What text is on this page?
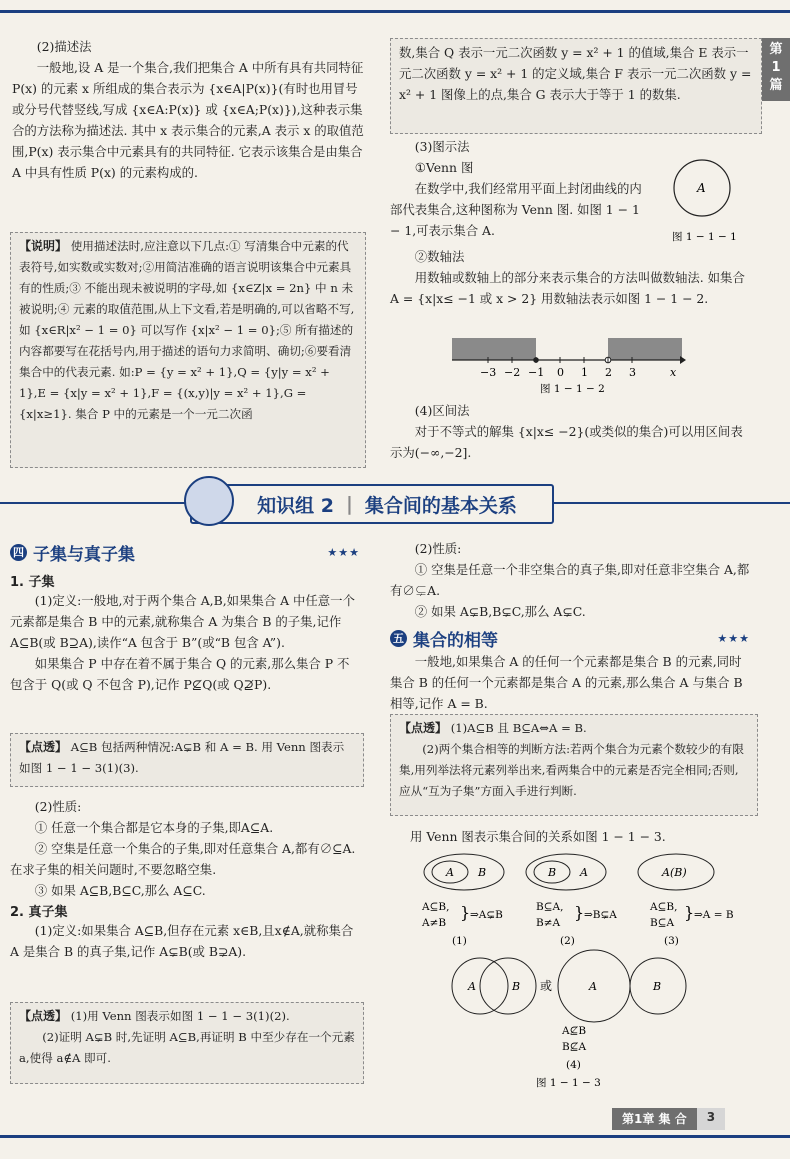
第
1
篇

(2)描述法

一般地,设 A 是一个集合,我们把集合 A 中所有具有共同特征 P(x) 的元素 x 所组成的集合表示为 {x∈A|P(x)}(有时也用冒号或分号代替竖线,写成 {x∈A:P(x)} 或 {x∈A;P(x)}),这种表示集合的方法称为描述法. 其中 x 表示集合的元素,A 表示 x 的取值范围,P(x) 表示集合中元素具有的共同特征. 它表示该集合是由集合 A 中具有性质 P(x) 的元素构成的.

【说明】 使用描述法时,应注意以下几点:① 写清集合中元素的代表符号,如实数或实数对;②用简洁准确的语言说明该集合中元素具有的性质;③ 不能出现未被说明的字母,如 {x∈Z|x = 2n} 中 n 未被说明;④ 元素的取值范围,从上下文看,若是明确的,可以省略不写,如 {x∈R|x² − 1 = 0} 可以写作 {x|x² − 1 = 0};⑤ 所有描述的内容都要写在花括号内,用于描述的语句力求简明、确切;⑥要看清集合中的代表元素. 如:P = {y = x² + 1},Q = {y|y = x² + 1},E = {x|y = x² + 1},F = {(x,y)|y = x² + 1},G = {x|x≥1}. 集合 P 中的元素是一个一元二次函

数,集合 Q 表示一元二次函数 y = x² + 1 的值域,集合 E 表示一元二次函数 y = x² + 1 的定义域,集合 F 表示一元二次函数 y = x² + 1 图像上的点,集合 G 表示大于等于 1 的数集.

(3)图示法

①Venn 图

在数学中,我们经常用平面上封闭曲线的内部代表集合,这种图称为 Venn 图. 如图 1 − 1 − 1,可表示集合 A.

A
图 1 − 1 − 1

②数轴法

用数轴或数轴上的部分来表示集合的方法叫做数轴法. 如集合 A = {x|x≤ −1 或 x > 2} 用数轴法表示如图 1 − 1 − 2.

−3 −2 −1 0 1 2 3	x
图 1 − 1 − 2

(4)区间法

对于不等式的解集 {x|x≤ −2}(或类似的集合)可以用区间表示为(−∞,−2].

知识组 2 | 集合间的基本关系
四 子集与真子集	★★★
1. 子集

(1)定义:一般地,对于两个集合 A,B,如果集合 A 中任意一个元素都是集合 B 中的元素,就称集合 A 为集合 B 的子集,记作 A⊆B(或 B⊇A),读作“A 包含于 B”(或“B 包含 A”).

如果集合 P 中存在着不属于集合 Q 的元素,那么集合 P 不包含于 Q(或 Q 不包含 P),记作 P⊈Q(或 Q⊉P).

【点透】 A⊆B 包括两种情况:A⊊B 和 A = B. 用 Venn 图表示如图 1 − 1 − 3(1)(3).

(2)性质:

① 任意一个集合都是它本身的子集,即A⊆A.

② 空集是任意一个集合的子集,即对任意集合 A,都有∅⊆A. 在求子集的相关问题时,不要忽略空集.

③ 如果 A⊆B,B⊆C,那么 A⊆C.

2. 真子集

(1)定义:如果集合 A⊆B,但存在元素 x∈B,且x∉A,就称集合 A 是集合 B 的真子集,记作 A⊊B(或 B⊋A).

【点透】 (1)用 Venn 图表示如图 1 − 1 − 3(1)(2).

(2)证明 A⊊B 时,先证明 A⊆B,再证明 B 中至少存在一个元素 a,使得 a∉A 即可.

(2)性质:

① 空集是任意一个非空集合的真子集,即对任意非空集合 A,都有∅⊊A.

② 如果 A⊊B,B⊊C,那么 A⊊C.

五 集合的相等	★★★

一般地,如果集合 A 的任何一个元素都是集合 B 的元素,同时集合 B 的任何一个元素都是集合 A 的元素,那么集合 A 与集合 B 相等,记作 A = B.

【点透】 (1)A⊆B 且 B⊆A⇔A = B.

(2)两个集合相等的判断方法:若两个集合为元素个数较少的有限集,用列举法将元素列举出来,看两集合中的元素是否完全相同;否则,应从“互为子集”方面入手进行判断.

用 Venn 图表示集合间的关系如图 1 − 1 − 3.

A B
A⊆B,
A≠B
} ⇒A⊊B
(1)
B A
B⊆A,
B≠A
} ⇒B⊊A
(2)
A(B)
A⊆B,
B⊆A
} ⇒A = B
(3)
A	B 或	A	B
A⊈B
B⊈A
(4)
图 1 − 1 − 3
第1章 集 合	3
